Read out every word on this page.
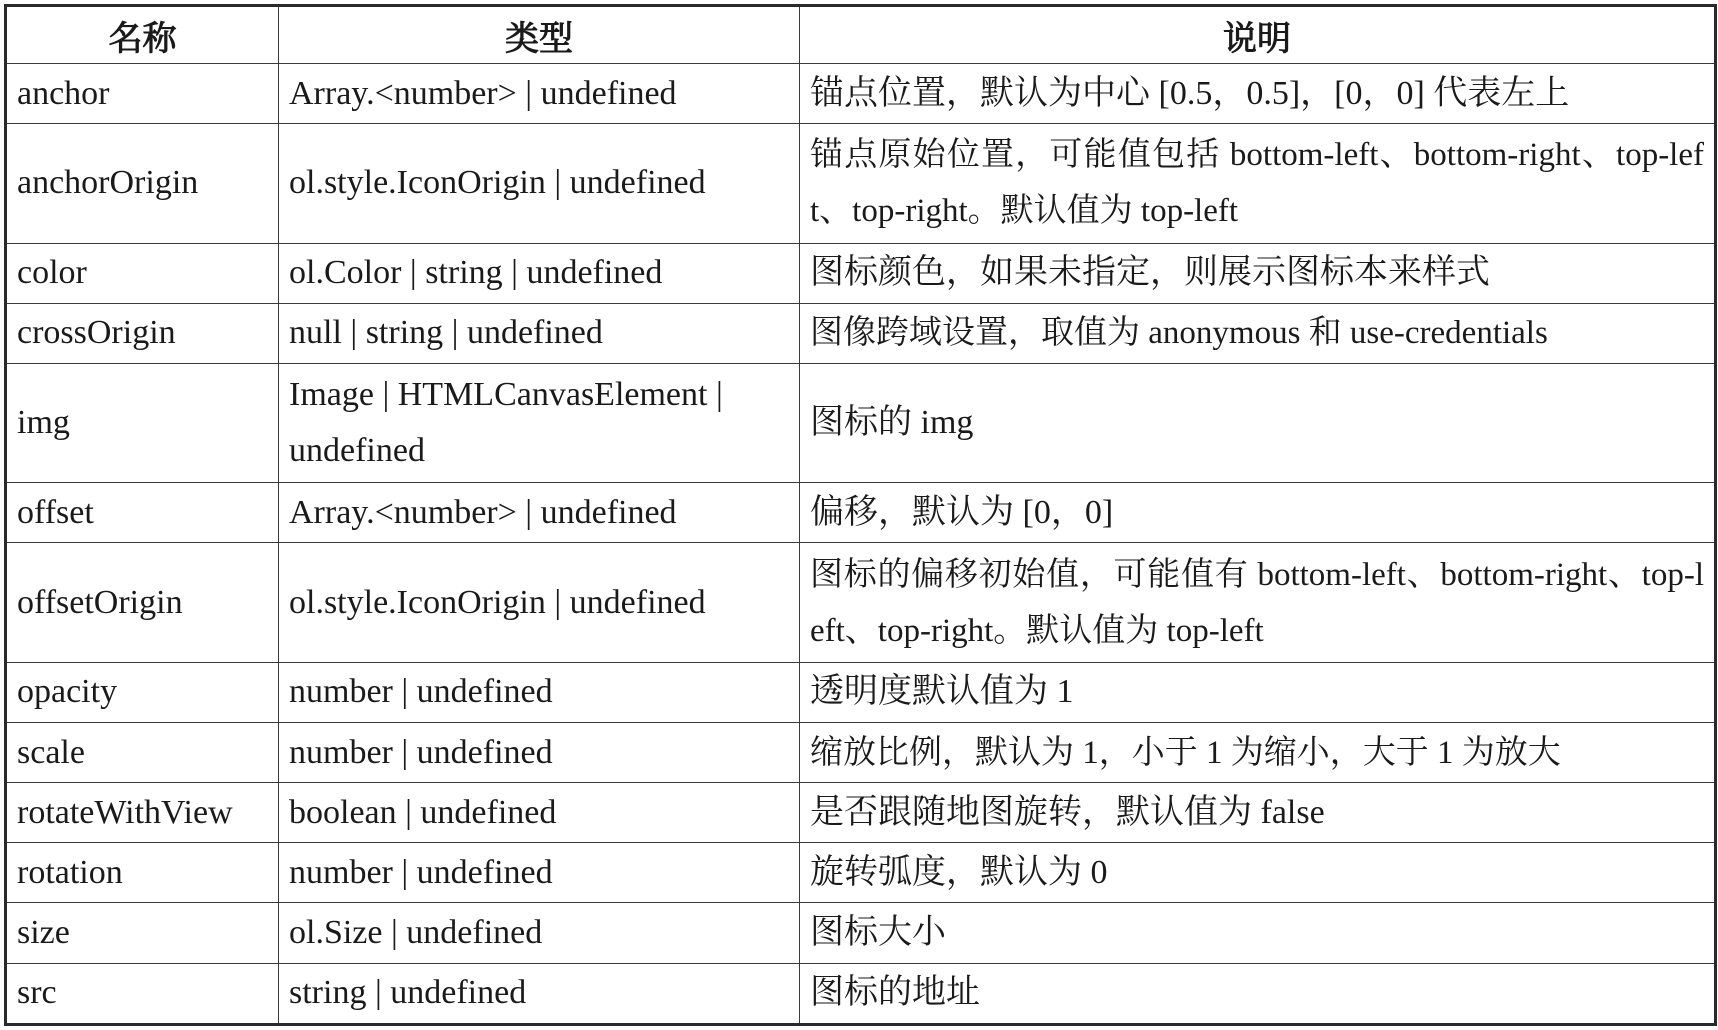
名称	类型	说明
anchor	Array.<number> | undefined	锚点位置，默认为中心 [0.5，0.5]，[0，0] 代表左上
anchorOrigin	ol.style.IconOrigin | undefined	锚点原始位置，可能值包括 bottom-left、bottom-right、top-left、top-right。默认值为 top-left
color	ol.Color | string | undefined	图标颜色，如果未指定，则展示图标本来样式
crossOrigin	null | string | undefined	图像跨域设置，取值为 anonymous 和 use-credentials
img	Image | HTMLCanvasElement | undefined	图标的 img
offset	Array.<number> | undefined	偏移，默认为 [0，0]
offsetOrigin	ol.style.IconOrigin | undefined	图标的偏移初始值，可能值有 bottom-left、bottom-right、top-left、top-right。默认值为 top-left
opacity	number | undefined	透明度默认值为 1
scale	number | undefined	缩放比例，默认为 1，小于 1 为缩小，大于 1 为放大
rotateWithView	boolean | undefined	是否跟随地图旋转，默认值为 false
rotation	number | undefined	旋转弧度，默认为 0
size	ol.Size | undefined	图标大小
src	string | undefined	图标的地址
